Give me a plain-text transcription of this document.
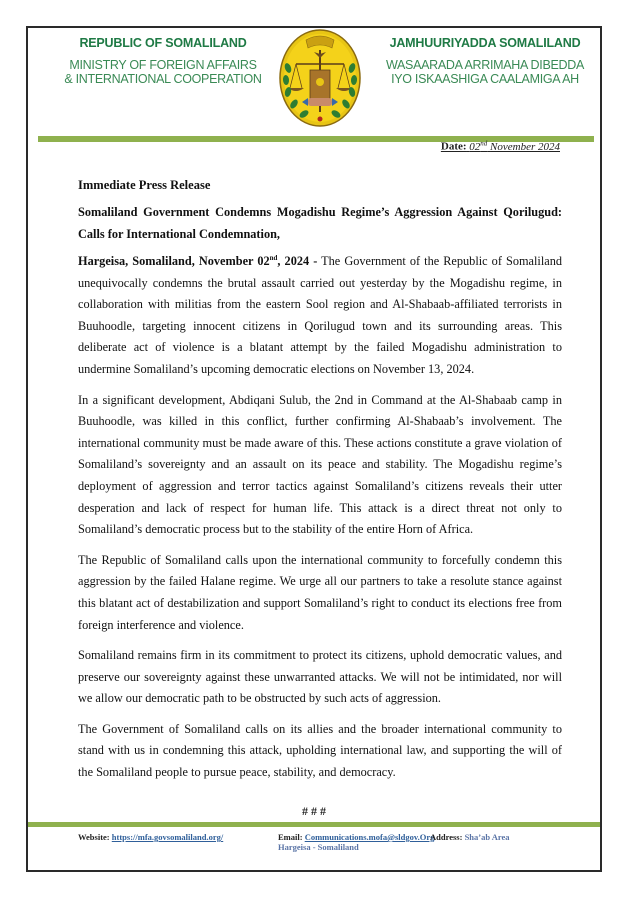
REPUBLIC OF SOMALILAND
MINISTRY OF FOREIGN AFFAIRS
& INTERNATIONAL COOPERATION
JAMHUURIYADDA SOMALILAND
WASAARADA ARRIMAHA DIBEDDA
IYO ISKAASHIGA CAALAMIGA AH
Date: 02nd November 2024
Immediate Press Release
Somaliland Government Condemns Mogadishu Regime’s Aggression Against Qorilugud: Calls for International Condemnation,

Hargeisa, Somaliland, November 02nd, 2024 - The Government of the Republic of Somaliland unequivocally condemns the brutal assault carried out yesterday by the Mogadishu regime, in collaboration with militias from the eastern Sool region and Al-Shabaab-affiliated terrorists in Buuhoodle, targeting innocent citizens in Qorilugud town and its surrounding areas. This deliberate act of violence is a blatant attempt by the failed Mogadishu administration to undermine Somaliland’s upcoming democratic elections on November 13, 2024.

In a significant development, Abdiqani Sulub, the 2nd in Command at the Al-Shabaab camp in Buuhoodle, was killed in this conflict, further confirming Al-Shabaab’s involvement. The international community must be made aware of this. These actions constitute a grave violation of Somaliland’s sovereignty and an assault on its peace and stability. The Mogadishu regime’s deployment of aggression and terror tactics against Somaliland’s citizens reveals their utter desperation and lack of respect for human life. This attack is a direct threat not only to Somaliland’s democratic process but to the stability of the entire Horn of Africa.

The Republic of Somaliland calls upon the international community to forcefully condemn this aggression by the failed Halane regime. We urge all our partners to take a resolute stance against this blatant act of destabilization and support Somaliland’s right to conduct its elections free from foreign interference and violence.

Somaliland remains firm in its commitment to protect its citizens, uphold democratic values, and preserve our sovereignty against these unwarranted attacks. We will not be intimidated, nor will we allow our democratic path to be obstructed by such acts of aggression.

The Government of Somaliland calls on its allies and the broader international community to stand with us in condemning this attack, upholding international law, and supporting the will of the Somaliland people to pursue peace, stability, and democracy.

# # #
Website: https://mfa.govsomaliland.org/	Email: Communications.mofa@sldgov.Org
Hargeisa - Somaliland
Address: Sha’ab Area
